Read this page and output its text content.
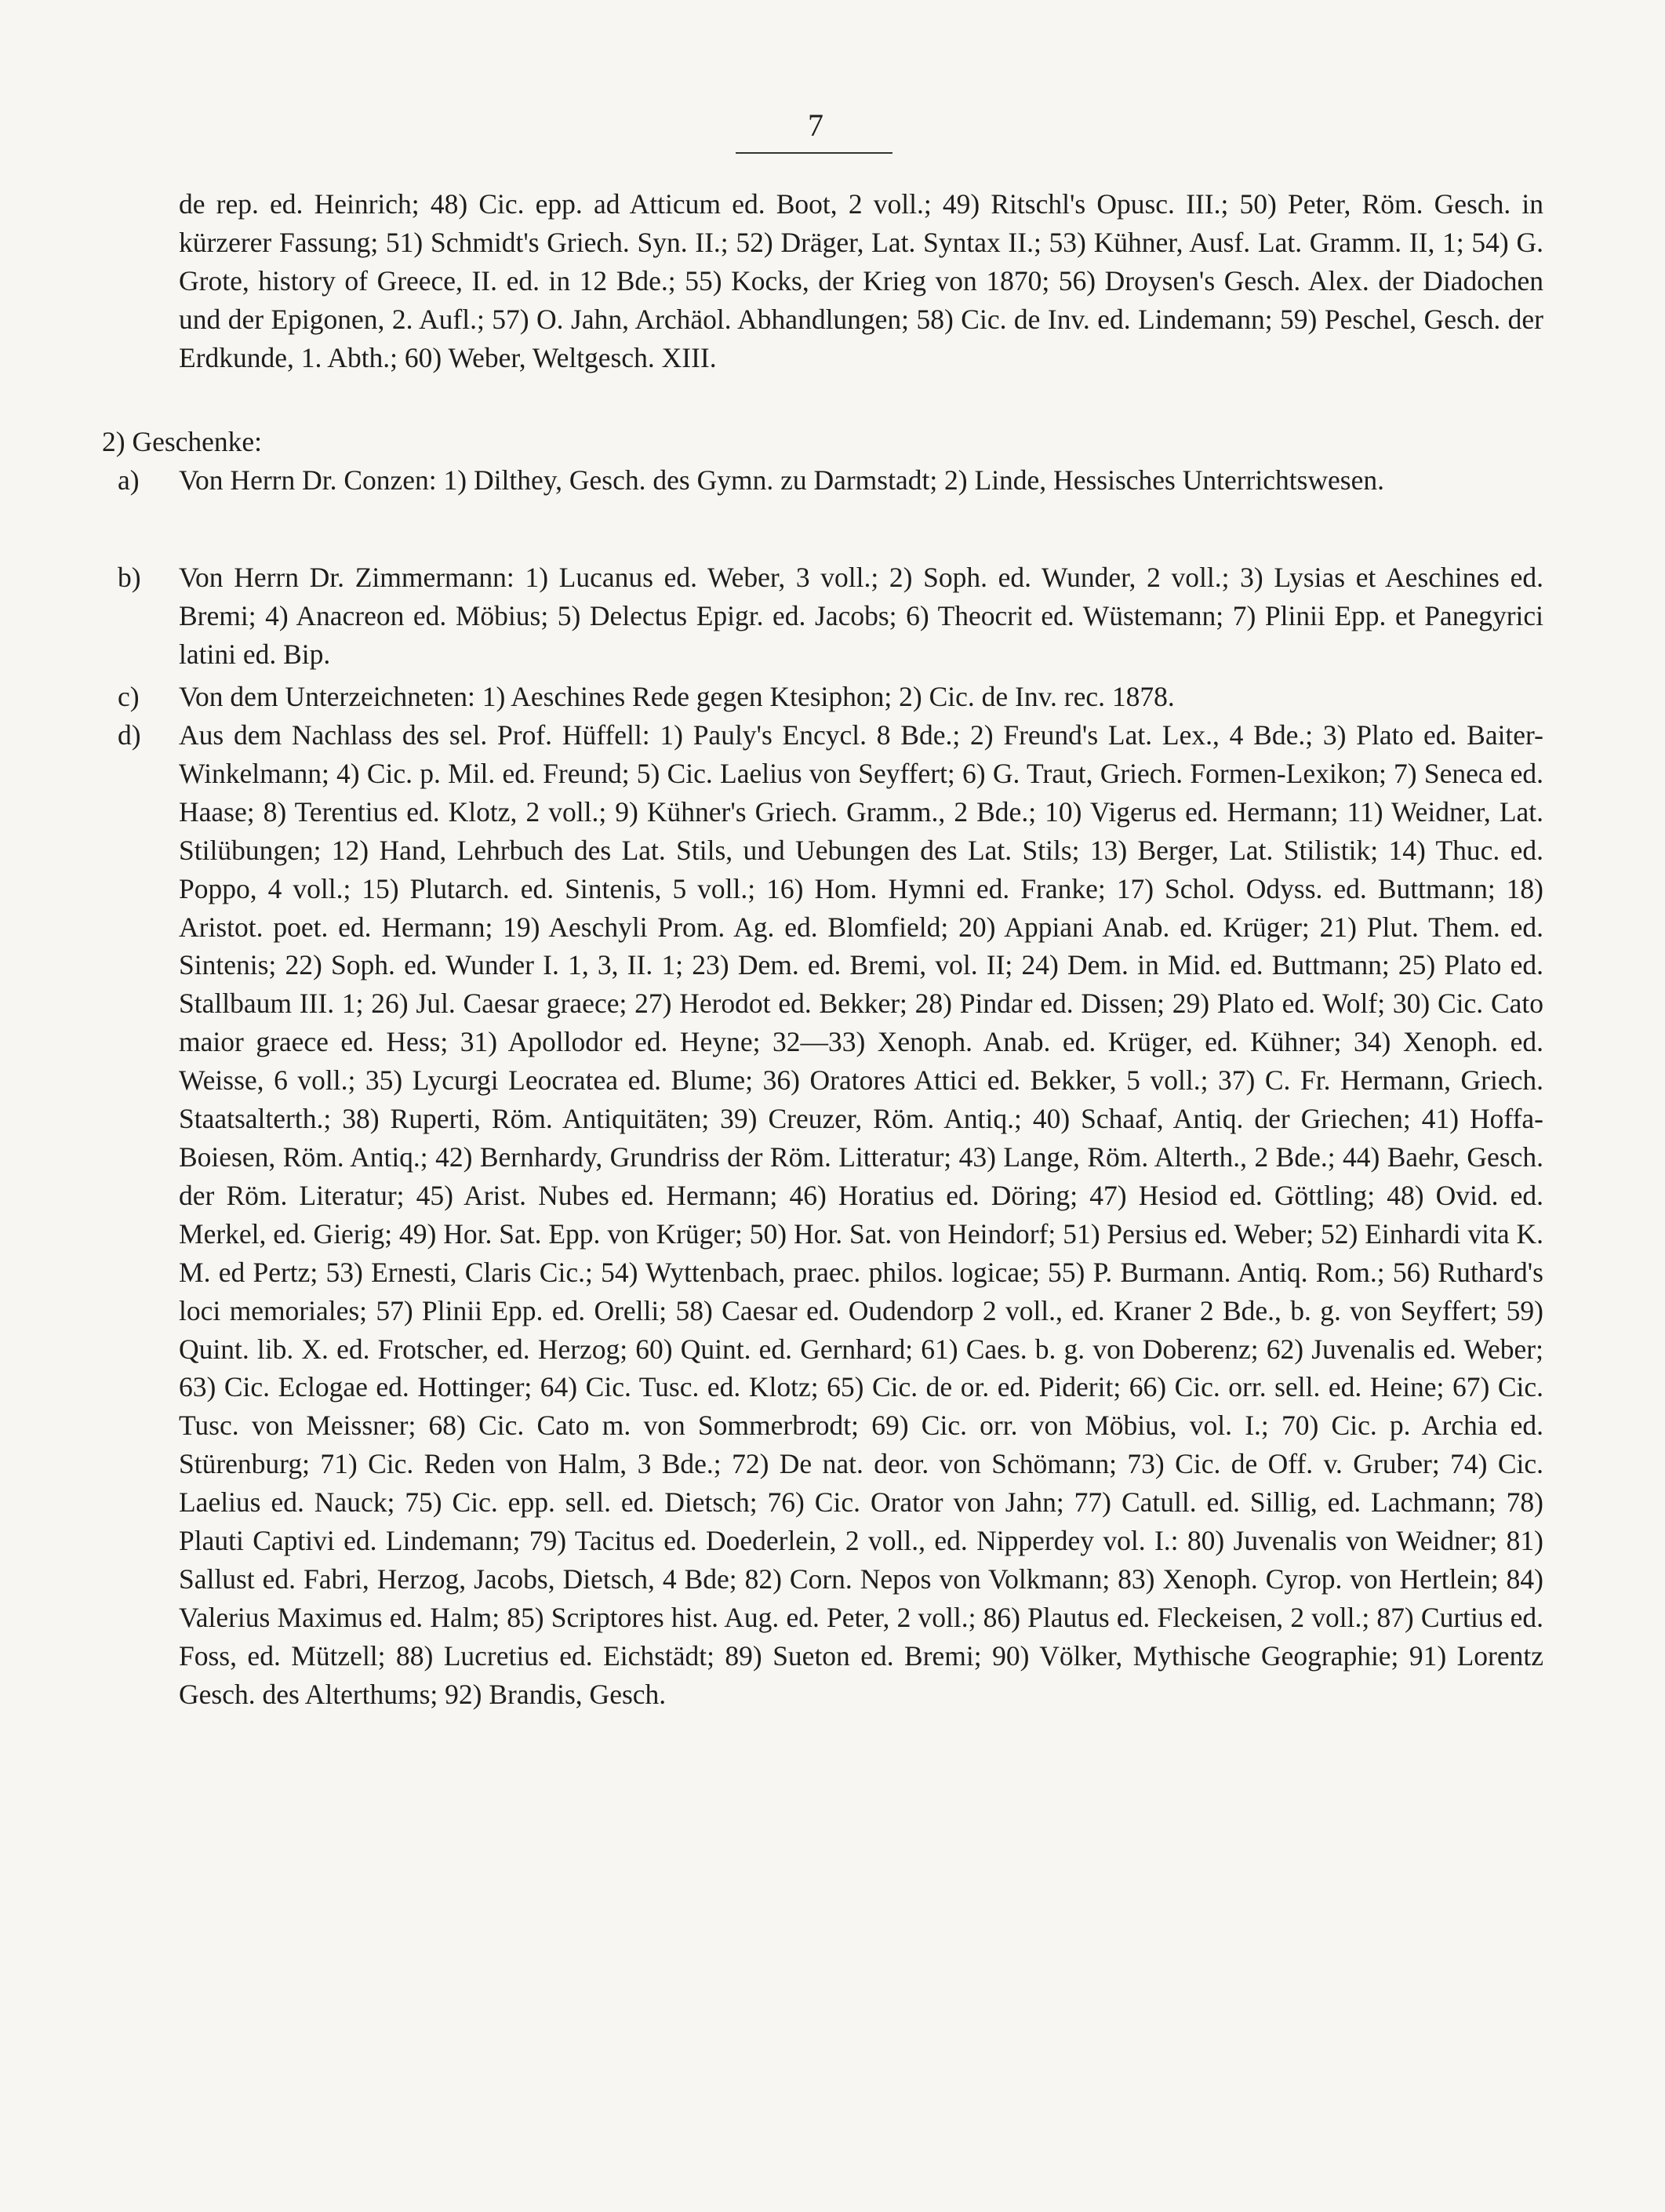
7
de rep. ed. Heinrich; 48) Cic. epp. ad Atticum ed. Boot, 2 voll.; 49) Ritschl's Opusc. III.; 50) Peter, Röm. Gesch. in kürzerer Fassung; 51) Schmidt's Griech. Syn. II.; 52) Dräger, Lat. Syntax II.; 53) Kühner, Ausf. Lat. Gramm. II, 1; 54) G. Grote, history of Greece, II. ed. in 12 Bde.; 55) Kocks, der Krieg von 1870; 56) Droysen's Gesch. Alex. der Diadochen und der Epigonen, 2. Aufl.; 57) O. Jahn, Archäol. Abhandlungen; 58) Cic. de Inv. ed. Lindemann; 59) Peschel, Gesch. der Erdkunde, 1. Abth.; 60) Weber, Weltgesch. XIII.
2) Geschenke:
a)	Von Herrn Dr. Conzen: 1) Dilthey, Gesch. des Gymn. zu Darmstadt; 2) Linde, Hessisches Unterrichtswesen.
b)	Von Herrn Dr. Zimmermann: 1) Lucanus ed. Weber, 3 voll.; 2) Soph. ed. Wunder, 2 voll.; 3) Lysias et Aeschines ed. Bremi; 4) Anacreon ed. Möbius; 5) Delectus Epigr. ed. Jacobs; 6) Theocrit ed. Wüstemann; 7) Plinii Epp. et Panegyrici latini ed. Bip.
c)	Von dem Unterzeichneten: 1) Aeschines Rede gegen Ktesiphon; 2) Cic. de Inv. rec. 1878.
d)	Aus dem Nachlass des sel. Prof. Hüffell: 1) Pauly's Encycl. 8 Bde.; 2) Freund's Lat. Lex., 4 Bde.; 3) Plato ed. Baiter-Winkelmann; 4) Cic. p. Mil. ed. Freund; 5) Cic. Laelius von Seyffert; 6) G. Traut, Griech. Formen-Lexikon; 7) Seneca ed. Haase; 8) Terentius ed. Klotz, 2 voll.; 9) Kühner's Griech. Gramm., 2 Bde.; 10) Vigerus ed. Hermann; 11) Weidner, Lat. Stilübungen; 12) Hand, Lehrbuch des Lat. Stils, und Uebungen des Lat. Stils; 13) Berger, Lat. Stilistik; 14) Thuc. ed. Poppo, 4 voll.; 15) Plutarch. ed. Sintenis, 5 voll.; 16) Hom. Hymni ed. Franke; 17) Schol. Odyss. ed. Buttmann; 18) Aristot. poet. ed. Hermann; 19) Aeschyli Prom. Ag. ed. Blomfield; 20) Appiani Anab. ed. Krüger; 21) Plut. Them. ed. Sintenis; 22) Soph. ed. Wunder I. 1, 3, II. 1; 23) Dem. ed. Bremi, vol. II; 24) Dem. in Mid. ed. Buttmann; 25) Plato ed. Stallbaum III. 1; 26) Jul. Caesar graece; 27) Herodot ed. Bekker; 28) Pindar ed. Dissen; 29) Plato ed. Wolf; 30) Cic. Cato maior graece ed. Hess; 31) Apollodor ed. Heyne; 32—33) Xenoph. Anab. ed. Krüger, ed. Kühner; 34) Xenoph. ed. Weisse, 6 voll.; 35) Lycurgi Leocratea ed. Blume; 36) Oratores Attici ed. Bekker, 5 voll.; 37) C. Fr. Hermann, Griech. Staatsalterth.; 38) Ruperti, Röm. Antiquitäten; 39) Creuzer, Röm. Antiq.; 40) Schaaf, Antiq. der Griechen; 41) Hoffa-Boiesen, Röm. Antiq.; 42) Bernhardy, Grundriss der Röm. Litteratur; 43) Lange, Röm. Alterth., 2 Bde.; 44) Baehr, Gesch. der Röm. Literatur; 45) Arist. Nubes ed. Hermann; 46) Horatius ed. Döring; 47) Hesiod ed. Göttling; 48) Ovid. ed. Merkel, ed. Gierig; 49) Hor. Sat. Epp. von Krüger; 50) Hor. Sat. von Heindorf; 51) Persius ed. Weber; 52) Einhardi vita K. M. ed Pertz; 53) Ernesti, Claris Cic.; 54) Wyttenbach, praec. philos. logicae; 55) P. Burmann. Antiq. Rom.; 56) Ruthard's loci memoriales; 57) Plinii Epp. ed. Orelli; 58) Caesar ed. Oudendorp 2 voll., ed. Kraner 2 Bde., b. g. von Seyffert; 59) Quint. lib. X. ed. Frotscher, ed. Herzog; 60) Quint. ed. Gernhard; 61) Caes. b. g. von Doberenz; 62) Juvenalis ed. Weber; 63) Cic. Eclogae ed. Hottinger; 64) Cic. Tusc. ed. Klotz; 65) Cic. de or. ed. Piderit; 66) Cic. orr. sell. ed. Heine; 67) Cic. Tusc. von Meissner; 68) Cic. Cato m. von Sommerbrodt; 69) Cic. orr. von Möbius, vol. I.; 70) Cic. p. Archia ed. Stürenburg; 71) Cic. Reden von Halm, 3 Bde.; 72) De nat. deor. von Schömann; 73) Cic. de Off. v. Gruber; 74) Cic. Laelius ed. Nauck; 75) Cic. epp. sell. ed. Dietsch; 76) Cic. Orator von Jahn; 77) Catull. ed. Sillig, ed. Lachmann; 78) Plauti Captivi ed. Lindemann; 79) Tacitus ed. Doederlein, 2 voll., ed. Nipperdey vol. I.: 80) Juvenalis von Weidner; 81) Sallust ed. Fabri, Herzog, Jacobs, Dietsch, 4 Bde; 82) Corn. Nepos von Volkmann; 83) Xenoph. Cyrop. von Hertlein; 84) Valerius Maximus ed. Halm; 85) Scriptores hist. Aug. ed. Peter, 2 voll.; 86) Plautus ed. Fleckeisen, 2 voll.; 87) Curtius ed. Foss, ed. Mützell; 88) Lucretius ed. Eichstädt; 89) Sueton ed. Bremi; 90) Völker, Mythische Geographie; 91) Lorentz Gesch. des Alterthums; 92) Brandis, Gesch.
